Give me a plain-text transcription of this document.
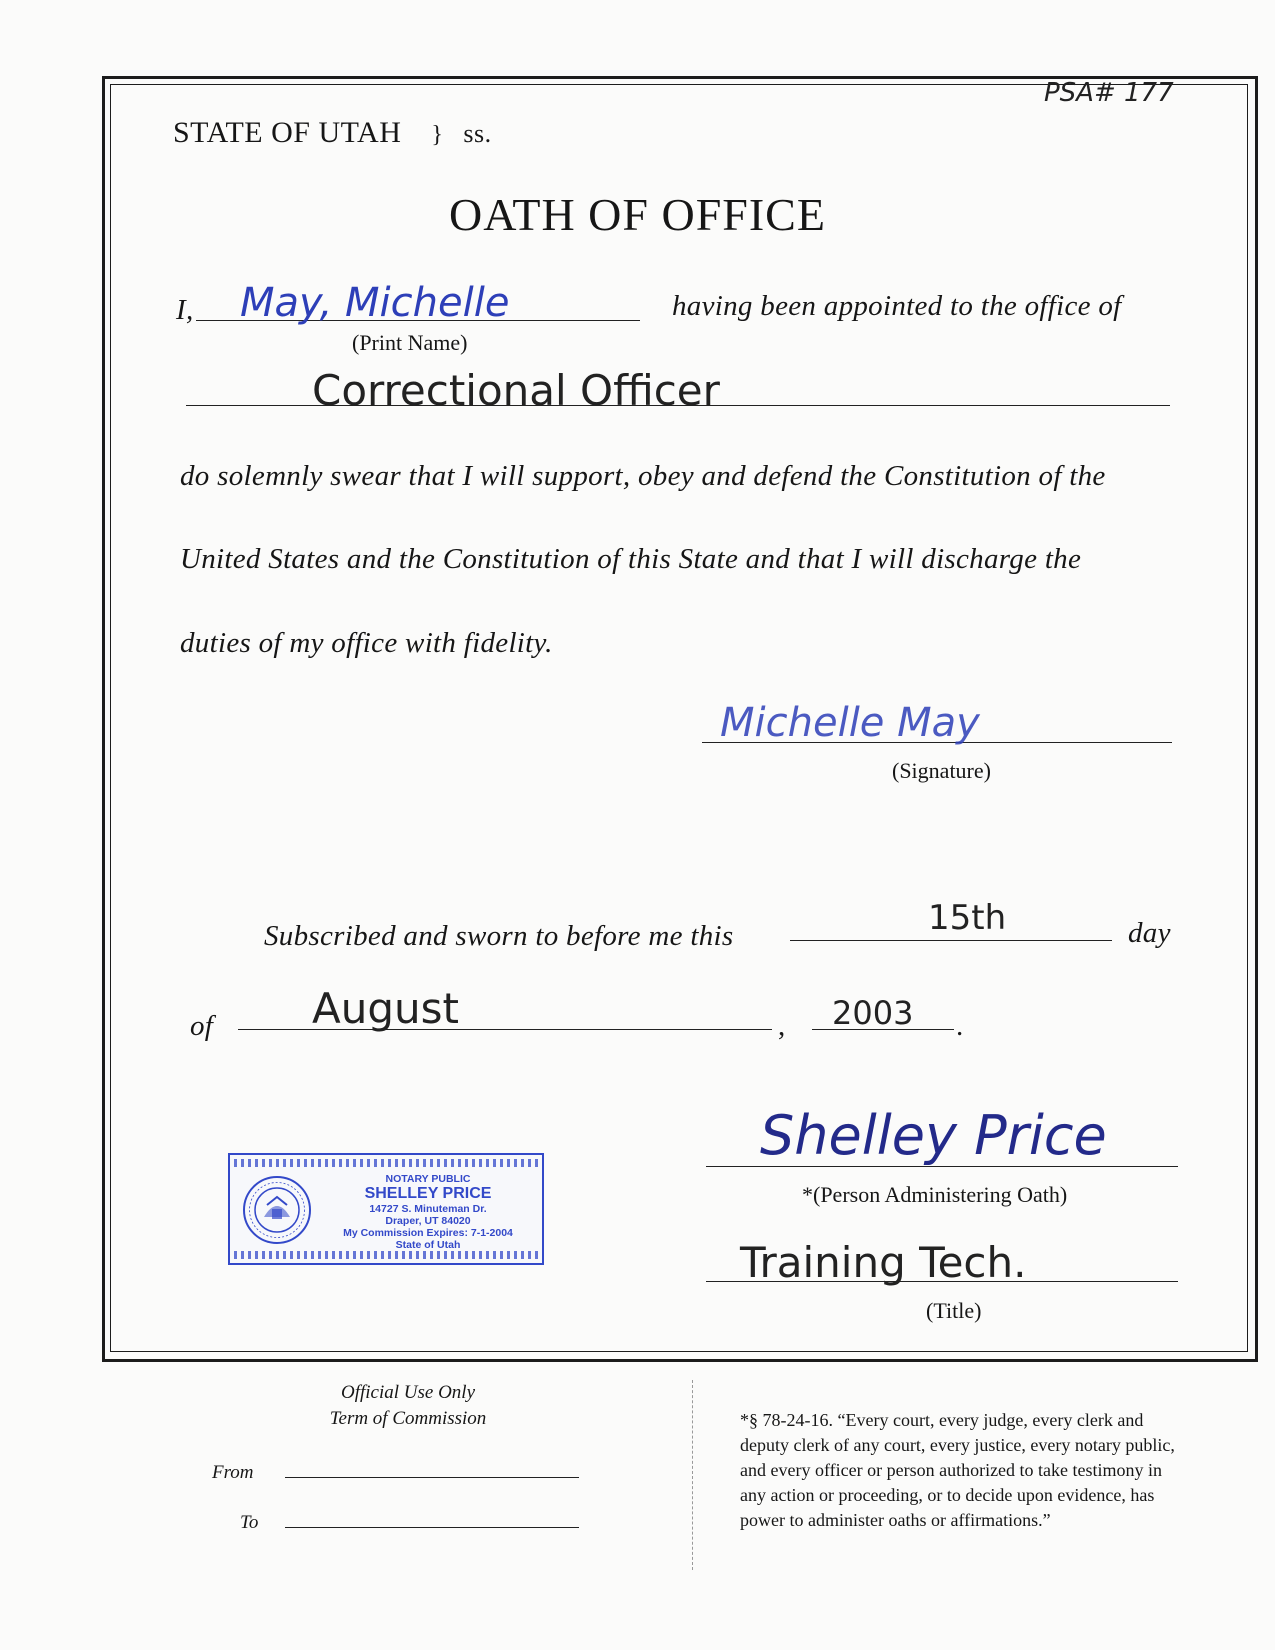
STATE OF UTAH } ss.
PSA# 177
OATH OF OFFICE
I, May, Michelle
(Print Name)
having been appointed to the office of
Correctional Officer
do solemnly swear that I will support, obey and defend the Constitution of the
United States and the Constitution of this State and that I will discharge the
duties of my office with fidelity.
Michelle May
(Signature)
Subscribed and sworn to before me this	15th	day
of August	, 2003 .
NOTARY PUBLIC
SHELLEY PRICE
14727 S. Minuteman Dr.
Draper, UT 84020
My Commission Expires: 7-1-2004
State of Utah
Shelley Price
*(Person Administering Oath)
Training Tech.
(Title)
Official Use Only
Term of Commission
From
To
*§ 78-24-16. “Every court, every judge, every clerk and
deputy clerk of any court, every justice, every notary public,
and every officer or person authorized to take testimony in
any action or proceeding, or to decide upon evidence, has
power to administer oaths or affirmations.”
